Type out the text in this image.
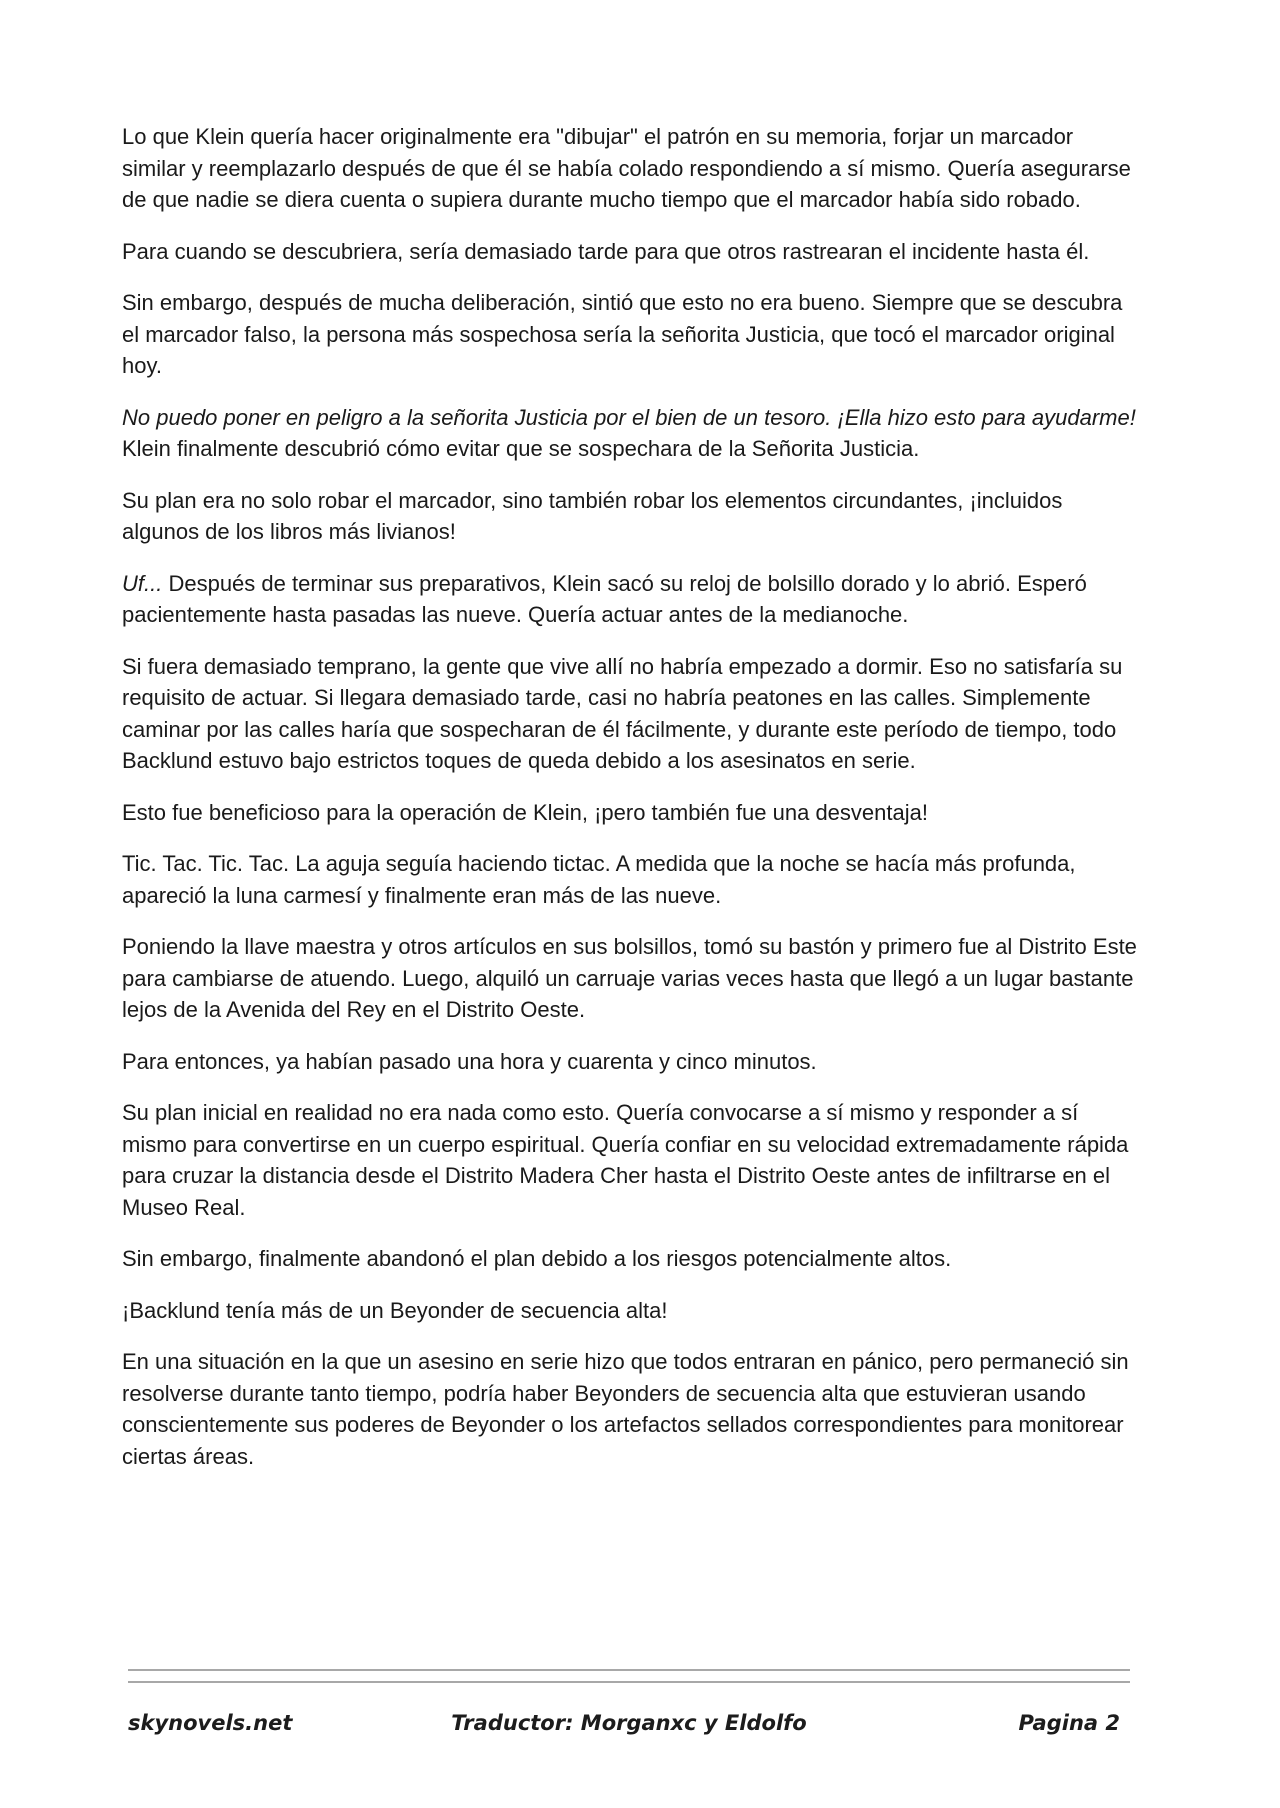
Lo que Klein quería hacer originalmente era "dibujar" el patrón en su memoria, forjar un marcador similar y reemplazarlo después de que él se había colado respondiendo a sí mismo. Quería asegurarse de que nadie se diera cuenta o supiera durante mucho tiempo que el marcador había sido robado.

Para cuando se descubriera, sería demasiado tarde para que otros rastrearan el incidente hasta él.

Sin embargo, después de mucha deliberación, sintió que esto no era bueno. Siempre que se descubra el marcador falso, la persona más sospechosa sería la señorita Justicia, que tocó el marcador original hoy.

No puedo poner en peligro a la señorita Justicia por el bien de un tesoro. ¡Ella hizo esto para ayudarme! Klein finalmente descubrió cómo evitar que se sospechara de la Señorita Justicia.

Su plan era no solo robar el marcador, sino también robar los elementos circundantes, ¡incluidos algunos de los libros más livianos!

Uf... Después de terminar sus preparativos, Klein sacó su reloj de bolsillo dorado y lo abrió. Esperó pacientemente hasta pasadas las nueve. Quería actuar antes de la medianoche.

Si fuera demasiado temprano, la gente que vive allí no habría empezado a dormir. Eso no satisfaría su requisito de actuar. Si llegara demasiado tarde, casi no habría peatones en las calles. Simplemente caminar por las calles haría que sospecharan de él fácilmente, y durante este período de tiempo, todo Backlund estuvo bajo estrictos toques de queda debido a los asesinatos en serie.

Esto fue beneficioso para la operación de Klein, ¡pero también fue una desventaja!

Tic. Tac. Tic. Tac. La aguja seguía haciendo tictac. A medida que la noche se hacía más profunda, apareció la luna carmesí y finalmente eran más de las nueve.

Poniendo la llave maestra y otros artículos en sus bolsillos, tomó su bastón y primero fue al Distrito Este para cambiarse de atuendo. Luego, alquiló un carruaje varias veces hasta que llegó a un lugar bastante lejos de la Avenida del Rey en el Distrito Oeste.

Para entonces, ya habían pasado una hora y cuarenta y cinco minutos.

Su plan inicial en realidad no era nada como esto. Quería convocarse a sí mismo y responder a sí mismo para convertirse en un cuerpo espiritual. Quería confiar en su velocidad extremadamente rápida para cruzar la distancia desde el Distrito Madera Cher hasta el Distrito Oeste antes de infiltrarse en el Museo Real.

Sin embargo, finalmente abandonó el plan debido a los riesgos potencialmente altos.

¡Backlund tenía más de un Beyonder de secuencia alta!

En una situación en la que un asesino en serie hizo que todos entraran en pánico, pero permaneció sin resolverse durante tanto tiempo, podría haber Beyonders de secuencia alta que estuvieran usando conscientemente sus poderes de Beyonder o los artefactos sellados correspondientes para monitorear ciertas áreas.

skynovels.net	Traductor: Morganxc y Eldolfo	Pagina 2
